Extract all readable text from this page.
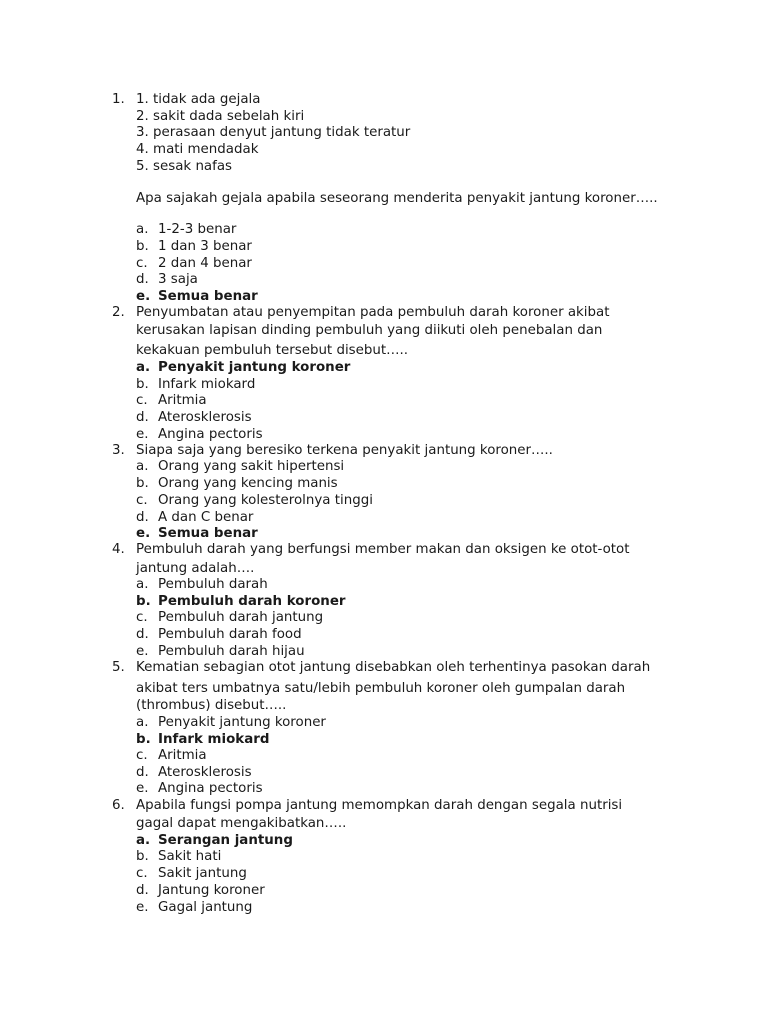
1. 1. tidak ada gejala
2. sakit dada sebelah kiri
3. perasaan denyut jantung tidak teratur
4. mati mendadak
5. sesak nafas
Apa sajakah gejala apabila seseorang menderita penyakit jantung koroner…..
a. 1-2-3 benar
b. 1 dan 3 benar
c. 2 dan 4 benar
d. 3 saja
e. Semua benar
2. Penyumbatan atau penyempitan pada pembuluh darah koroner akibat
kerusakan lapisan dinding pembuluh yang diikuti oleh penebalan dan
kekakuan pembuluh tersebut disebut…..
a. Penyakit jantung koroner
b. Infark miokard
c. Aritmia
d. Aterosklerosis
e. Angina pectoris
3. Siapa saja yang beresiko terkena penyakit jantung koroner…..
a. Orang yang sakit hipertensi
b. Orang yang kencing manis
c. Orang yang kolesterolnya tinggi
d. A dan C benar
e. Semua benar
4. Pembuluh darah yang berfungsi member makan dan oksigen ke otot-otot
jantung adalah….
a. Pembuluh darah
b. Pembuluh darah koroner
c. Pembuluh darah jantung
d. Pembuluh darah food
e. Pembuluh darah hijau
5. Kematian sebagian otot jantung disebabkan oleh terhentinya pasokan darah
akibat ters umbatnya satu/lebih pembuluh koroner oleh gumpalan darah
(thrombus) disebut…..
a. Penyakit jantung koroner
b. Infark miokard
c. Aritmia
d. Aterosklerosis
e. Angina pectoris
6. Apabila fungsi pompa jantung memompkan darah dengan segala nutrisi
gagal dapat mengakibatkan…..
a. Serangan jantung
b. Sakit hati
c. Sakit jantung
d. Jantung koroner
e. Gagal jantung
